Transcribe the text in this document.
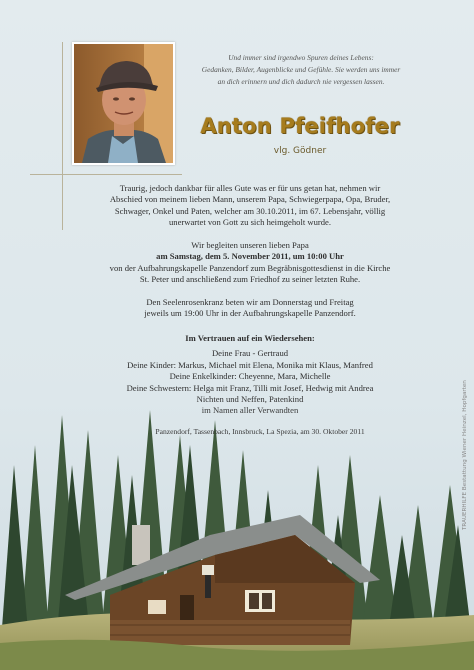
Und immer sind irgendwo Spuren deines Lebens:
Gedanken, Bilder, Augenblicke und Gefühle. Sie werden uns immer
an dich erinnern und dich dadurch nie vergessen lassen.
Anton Pfeifhofer
vlg. Gödner
Traurig, jedoch dankbar für alles Gute was er für uns getan hat, nehmen wir
Abschied von meinem lieben Mann, unserem Papa, Schwiegerpapa, Opa, Bruder,
Schwager, Onkel und Paten, welcher am 30.10.2011, im 67. Lebensjahr, völlig
unerwartet von Gott zu sich heimgeholt wurde.
Wir begleiten unseren lieben Papa
am Samstag, dem 5. November 2011, um 10:00 Uhr
von der Aufbahrungskapelle Panzendorf zum Begräbnisgottesdienst in die Kirche
St. Peter und anschließend zum Friedhof zu seiner letzten Ruhe.
Den Seelenrosenkranz beten wir am Donnerstag und Freitag
jeweils um 19:00 Uhr in der Aufbahrungskapelle Panzendorf.
Im Vertrauen auf ein Wiedersehen:
Deine Frau - Gertraud
Deine Kinder: Markus, Michael mit Elena, Monika mit Klaus, Manfred
Deine Enkelkinder: Cheyenne, Mara, Michelle
Deine Schwestern: Helga mit Franz, Tilli mit Josef, Hedwig mit Andrea
Panzendorf, Tassenbach, Innsbruck, La Spezia, am 30. Oktober 2011	TRAUERHILFE Bestattung Wiener Heinzel, Hopfgarten
